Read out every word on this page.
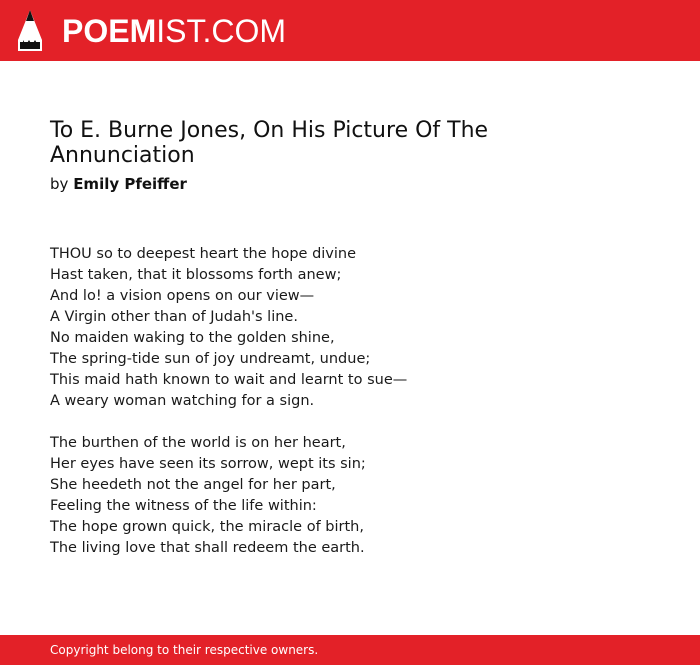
POEMIST.COM
To E. Burne Jones, On His Picture Of The Annunciation
by Emily Pfeiffer
THOU so to deepest heart the hope divine
Hast taken, that it blossoms forth anew;
And lo! a vision opens on our view—
A Virgin other than of Judah's line.
No maiden waking to the golden shine,
The spring-tide sun of joy undreamt, undue;
This maid hath known to wait and learnt to sue—
A weary woman watching for a sign.
The burthen of the world is on her heart,
Her eyes have seen its sorrow, wept its sin;
She heedeth not the angel for her part,
Feeling the witness of the life within:
The hope grown quick, the miracle of birth,
The living love that shall redeem the earth.
Copyright belong to their respective owners.
